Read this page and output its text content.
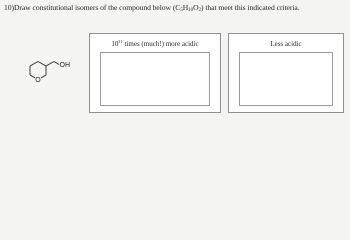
10)Draw constitutional isomers of the compound below $(C_5H_{10}O_2)$ that meet this indicated criteria.
OH
O
$10^{11}$ times (much!) more acidic	Less acidic
